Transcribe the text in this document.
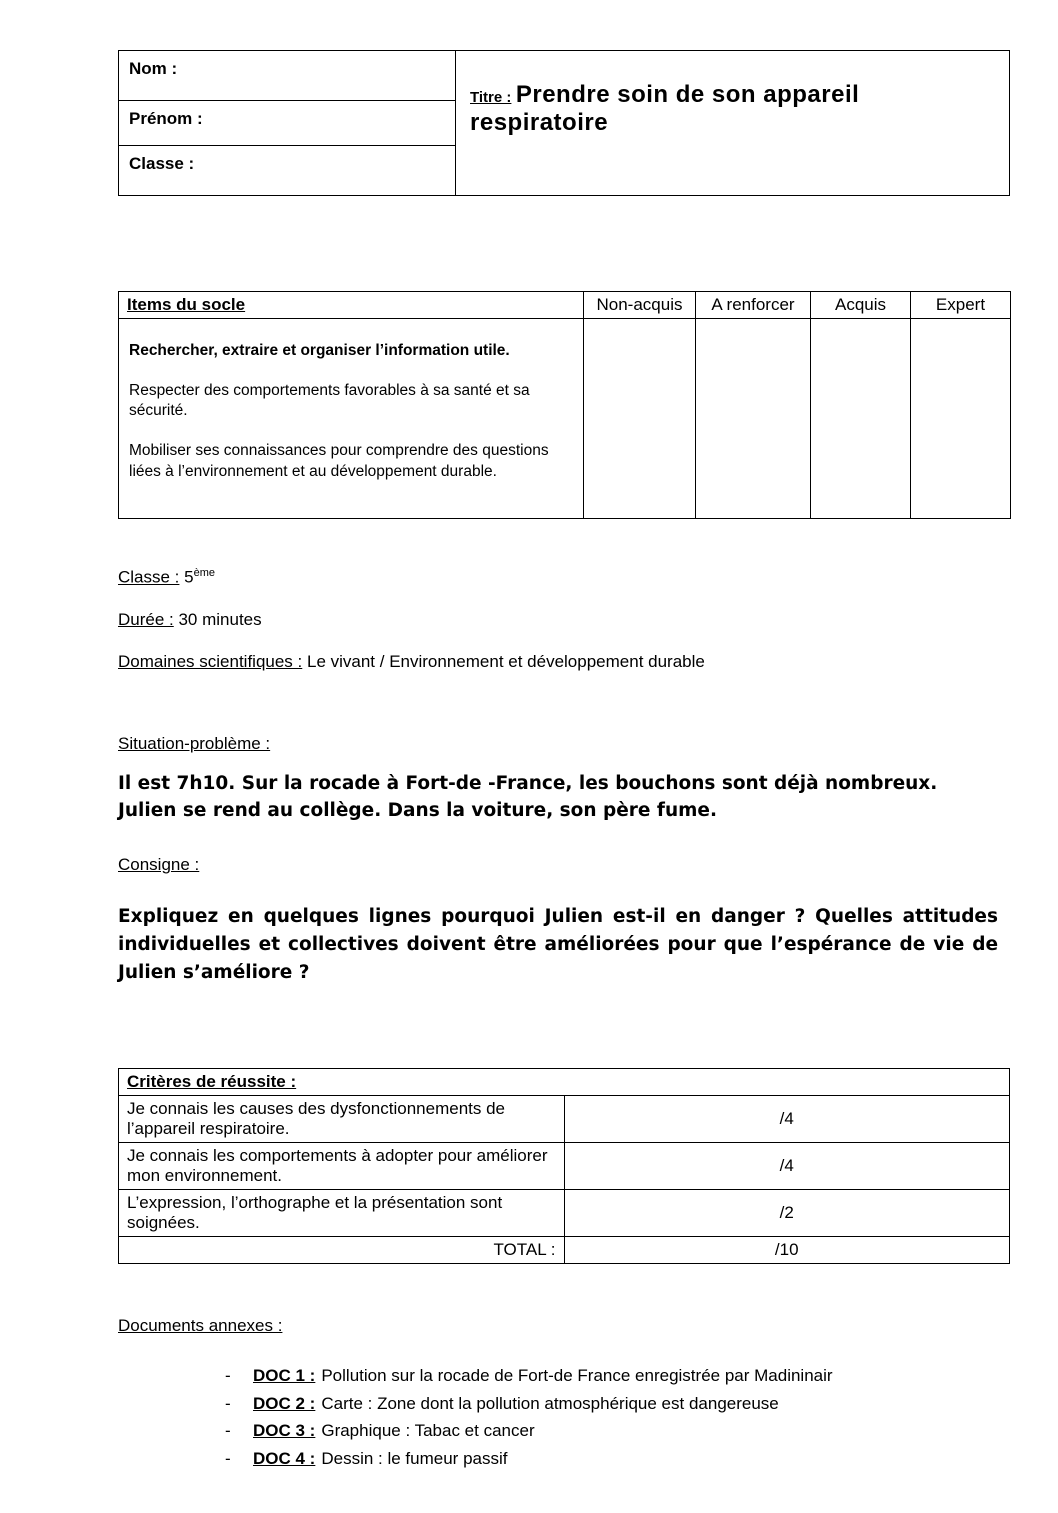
Nom :	Titre : Prendre soin de son appareil respiratoire
Prénom :
Classe :
Items du socle	Non-acquis	A renforcer	Acquis	Expert

Rechercher, extraire et organiser l’information utile.

Respecter des comportements favorables à sa santé et sa sécurité.

Mobiliser ses connaissances pour comprendre des questions liées à l’environnement et au développement durable.				

Classe : 5ème

Durée : 30 minutes

Domaines scientifiques : Le vivant / Environnement et développement durable

Situation-problème :

Il est 7h10. Sur la rocade à Fort-de -France, les bouchons sont déjà nombreux. Julien se rend au collège. Dans la voiture, son père fume.

Consigne :

Expliquez en quelques lignes pourquoi Julien est-il en danger ? Quelles attitudes individuelles et collectives doivent être améliorées pour que l’espérance de vie de Julien s’améliore ?

Critères de réussite :	
Je connais les causes des dysfonctionnements de l’appareil respiratoire.	/4
Je connais les comportements à adopter pour améliorer mon environnement.	/4
L’expression, l’orthographe et la présentation sont soignées.	/2
TOTAL :	/10

Documents annexes :

-	DOC 1 : Pollution sur la rocade de Fort-de France enregistrée par Madininair
-	DOC 2 : Carte : Zone dont la pollution atmosphérique est dangereuse
-	DOC 3 : Graphique : Tabac et cancer
-	DOC 4 : Dessin : le fumeur passif
